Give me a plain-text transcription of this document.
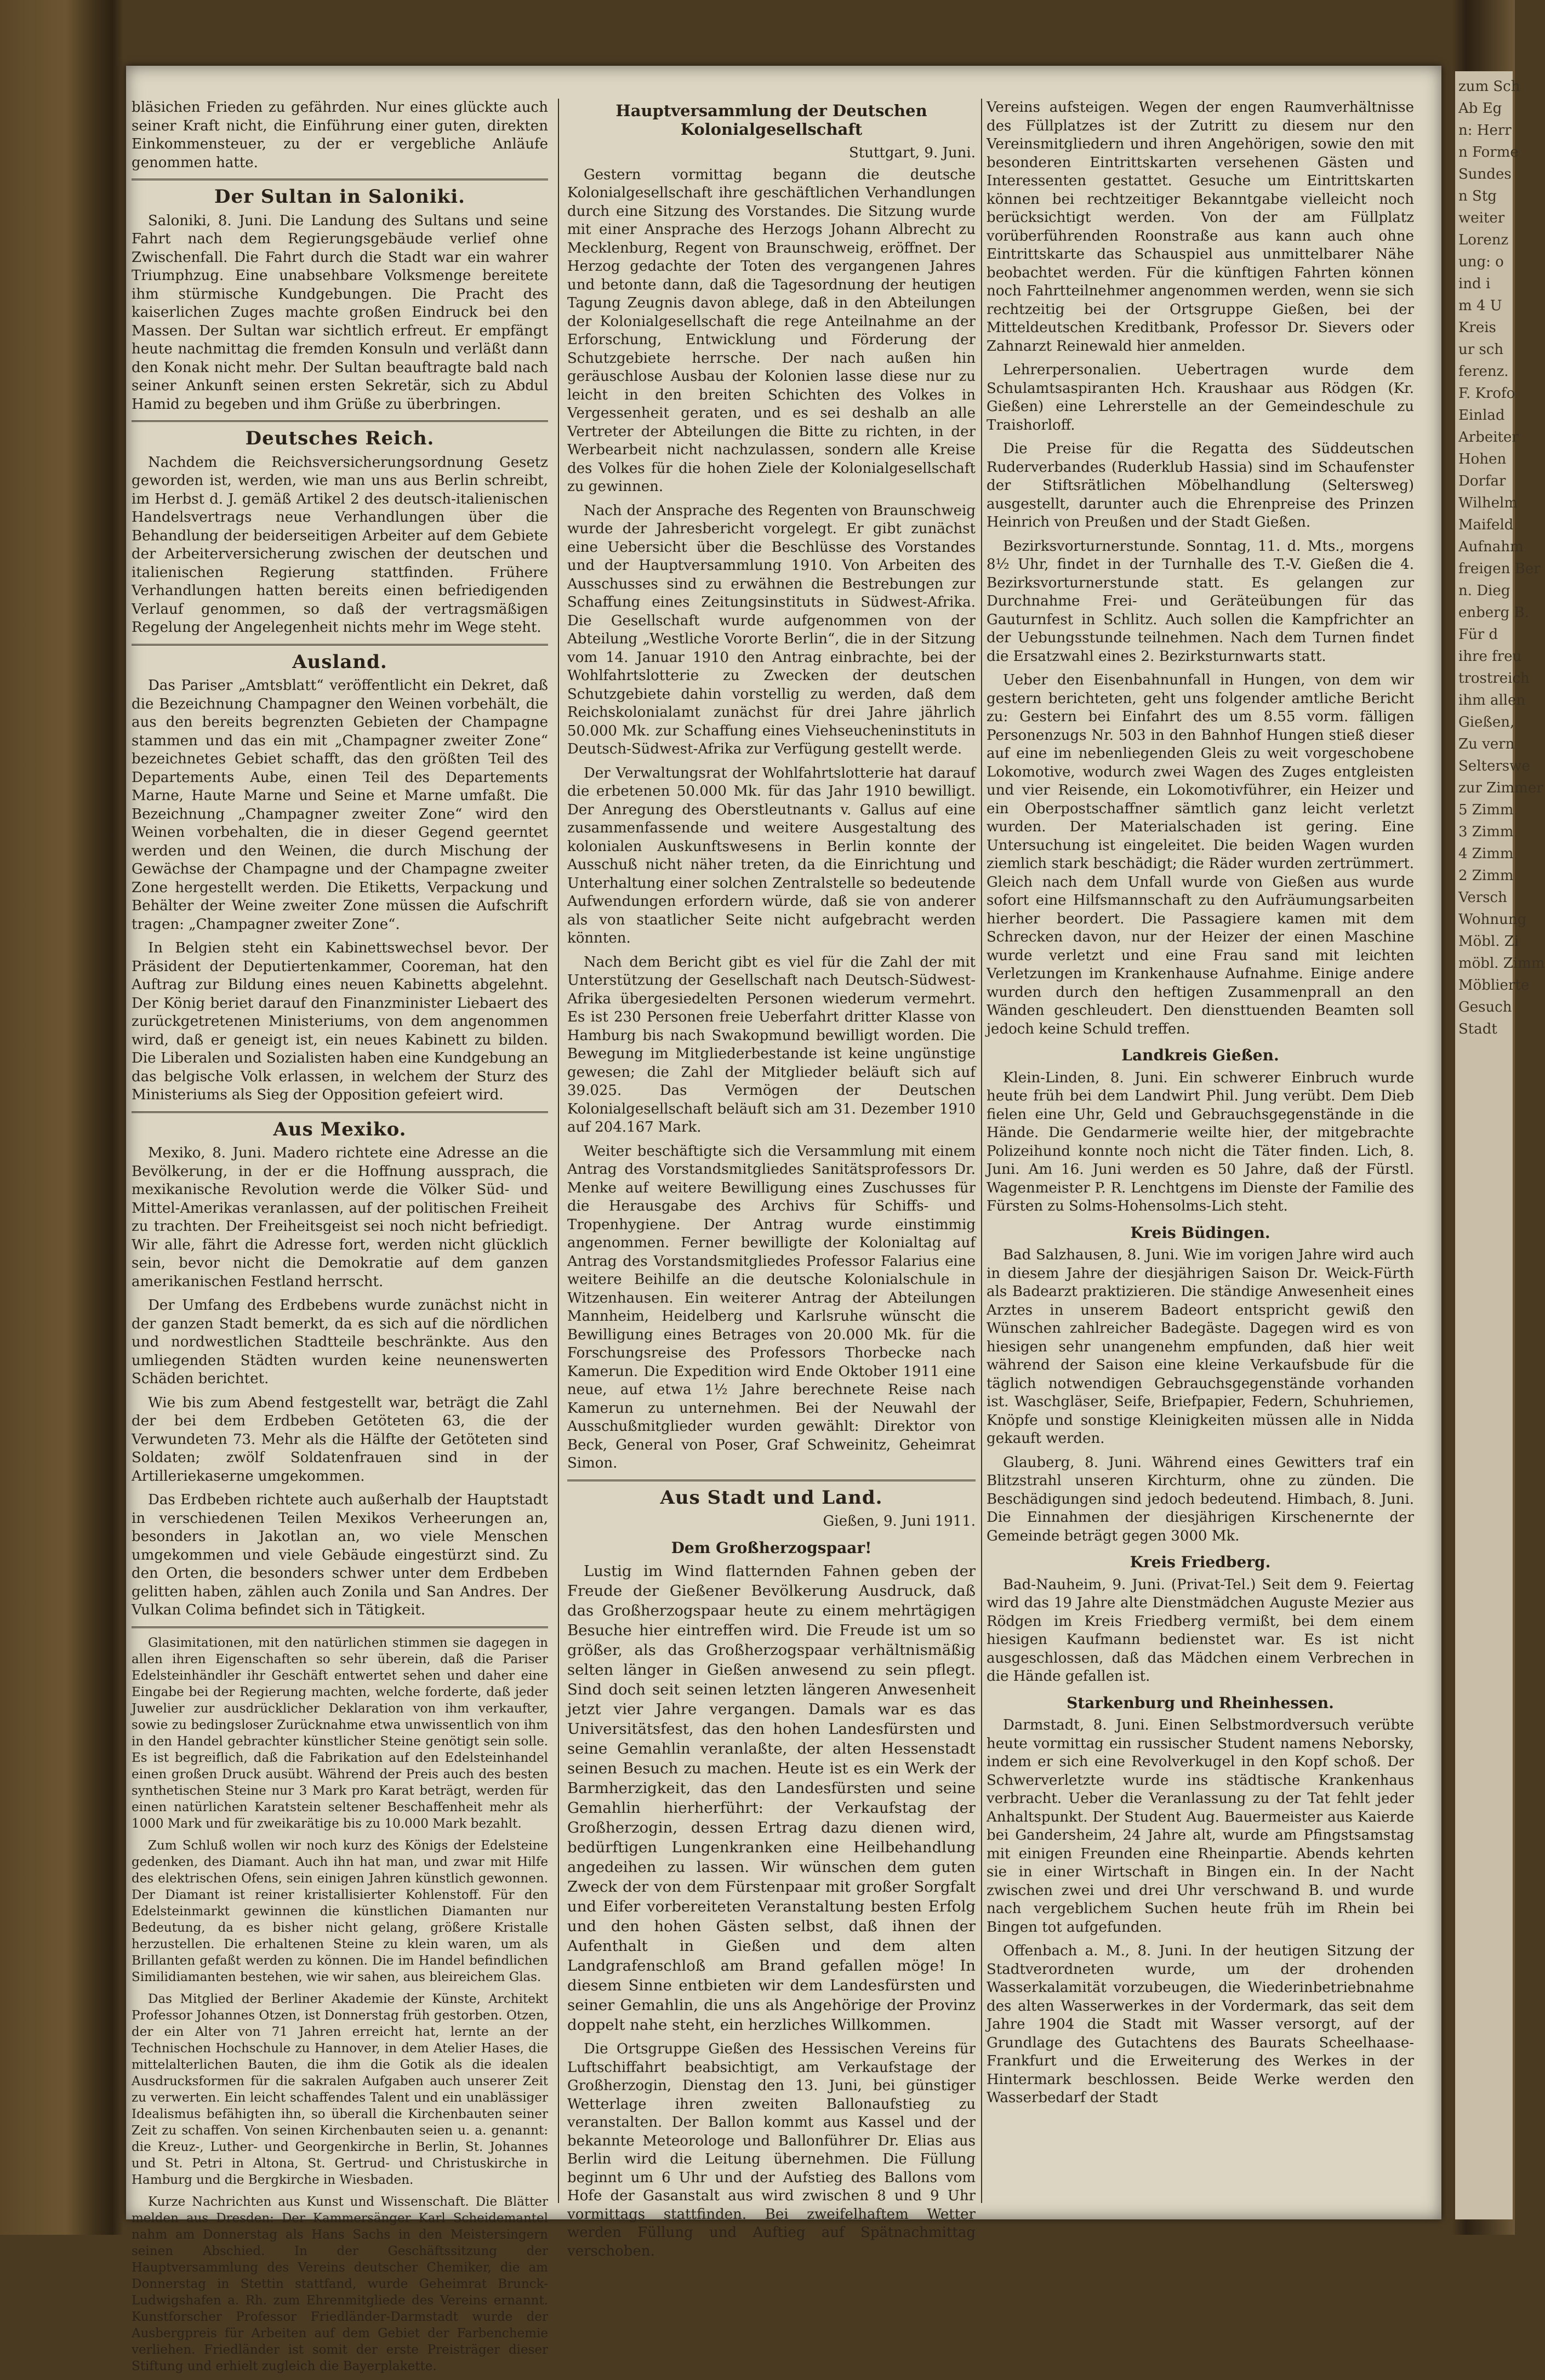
zum Sch
Ab Eg
n: Herr
n Forme
Sundes
n Stg
weiter
Lorenz
ung: o
ind i
m 4 U
Kreis
ur sch
ferenz.
F. Krofo
Einlad
Arbeiter
Hohen
Dorfar
Wilhelm
Maifeld
Aufnahm
freigen Ber
n. Dieg
enberg B.
Für d
ihre freu
trostreich
ihm allen
Gießen,
Zu vern
Selterswe
zur Zimmer
5 Zimm
3 Zimm
4 Zimm
2 Zimm
Versch
Wohnung
Möbl. Zi
möbl. Zimm
Möblierte
Gesuch
Stadt

bläsichen Frieden zu gefährden. Nur eines glückte auch seiner Kraft nicht, die Einführung einer guten, direkten Einkommensteuer, zu der er vergebliche Anläufe genommen hatte.

Der Sultan in Saloniki.

Saloniki, 8. Juni. Die Landung des Sultans und seine Fahrt nach dem Regierungsgebäude verlief ohne Zwischenfall. Die Fahrt durch die Stadt war ein wahrer Triumphzug. Eine unabsehbare Volksmenge bereitete ihm stürmische Kundgebungen. Die Pracht des kaiserlichen Zuges machte großen Eindruck bei den Massen. Der Sultan war sichtlich erfreut. Er empfängt heute nachmittag die fremden Konsuln und verläßt dann den Konak nicht mehr. Der Sultan beauftragte bald nach seiner Ankunft seinen ersten Sekretär, sich zu Abdul Hamid zu begeben und ihm Grüße zu überbringen.

Deutsches Reich.

Nachdem die Reichsversicherungsordnung Gesetz geworden ist, werden, wie man uns aus Berlin schreibt, im Herbst d. J. gemäß Artikel 2 des deutsch-italienischen Handelsvertrags neue Verhandlungen über die Behandlung der beiderseitigen Arbeiter auf dem Gebiete der Arbeiterversicherung zwischen der deutschen und italienischen Regierung stattfinden. Frühere Verhandlungen hatten bereits einen befriedigenden Verlauf genommen, so daß der vertragsmäßigen Regelung der Angelegenheit nichts mehr im Wege steht.

Ausland.

Das Pariser „Amtsblatt“ veröffentlicht ein Dekret, daß die Bezeichnung Champagner den Weinen vorbehält, die aus den bereits begrenzten Gebieten der Champagne stammen und das ein mit „Champagner zweiter Zone“ bezeichnetes Gebiet schafft, das den größten Teil des Departements Aube, einen Teil des Departements Marne, Haute Marne und Seine et Marne umfaßt. Die Bezeichnung „Champagner zweiter Zone“ wird den Weinen vorbehalten, die in dieser Gegend geerntet werden und den Weinen, die durch Mischung der Gewächse der Champagne und der Champagne zweiter Zone hergestellt werden. Die Etiketts, Verpackung und Behälter der Weine zweiter Zone müssen die Aufschrift tragen: „Champagner zweiter Zone“.

In Belgien steht ein Kabinettswechsel bevor. Der Präsident der Deputiertenkammer, Cooreman, hat den Auftrag zur Bildung eines neuen Kabinetts abgelehnt. Der König beriet darauf den Finanzminister Liebaert des zurückgetretenen Ministeriums, von dem angenommen wird, daß er geneigt ist, ein neues Kabinett zu bilden. Die Liberalen und Sozialisten haben eine Kundgebung an das belgische Volk erlassen, in welchem der Sturz des Ministeriums als Sieg der Opposition gefeiert wird.

Aus Mexiko.

Mexiko, 8. Juni. Madero richtete eine Adresse an die Bevölkerung, in der er die Hoffnung aussprach, die mexikanische Revolution werde die Völker Süd- und Mittel-Amerikas veranlassen, auf der politischen Freiheit zu trachten. Der Freiheitsgeist sei noch nicht befriedigt. Wir alle, fährt die Adresse fort, werden nicht glücklich sein, bevor nicht die Demokratie auf dem ganzen amerikanischen Festland herrscht.

Der Umfang des Erdbebens wurde zunächst nicht in der ganzen Stadt bemerkt, da es sich auf die nördlichen und nordwestlichen Stadtteile beschränkte. Aus den umliegenden Städten wurden keine neunenswerten Schäden berichtet.

Wie bis zum Abend festgestellt war, beträgt die Zahl der bei dem Erdbeben Getöteten 63, die der Verwundeten 73. Mehr als die Hälfte der Getöteten sind Soldaten; zwölf Soldatenfrauen sind in der Artilleriekaserne umgekommen.

Das Erdbeben richtete auch außerhalb der Hauptstadt in verschiedenen Teilen Mexikos Verheerungen an, besonders in Jakotlan an, wo viele Menschen umgekommen und viele Gebäude eingestürzt sind. Zu den Orten, die besonders schwer unter dem Erdbeben gelitten haben, zählen auch Zonila und San Andres. Der Vulkan Colima befindet sich in Tätigkeit.

Glasimitationen, mit den natürlichen stimmen sie dagegen in allen ihren Eigenschaften so sehr überein, daß die Pariser Edelsteinhändler ihr Geschäft entwertet sehen und daher eine Eingabe bei der Regierung machten, welche forderte, daß jeder Juwelier zur ausdrücklicher Deklaration von ihm verkaufter, sowie zu bedingsloser Zurücknahme etwa unwissentlich von ihm in den Handel gebrachter künstlicher Steine genötigt sein solle. Es ist begreiflich, daß die Fabrikation auf den Edelsteinhandel einen großen Druck ausübt. Während der Preis auch des besten synthetischen Steine nur 3 Mark pro Karat beträgt, werden für einen natürlichen Karatstein seltener Beschaffenheit mehr als 1000 Mark und für zweikarätige bis zu 10.000 Mark bezahlt.

Zum Schluß wollen wir noch kurz des Königs der Edelsteine gedenken, des Diamant. Auch ihn hat man, und zwar mit Hilfe des elektrischen Ofens, sein einigen Jahren künstlich gewonnen. Der Diamant ist reiner kristallisierter Kohlenstoff. Für den Edelsteinmarkt gewinnen die künstlichen Diamanten nur Bedeutung, da es bisher nicht gelang, größere Kristalle herzustellen. Die erhaltenen Steine zu klein waren, um als Brillanten gefaßt werden zu können. Die im Handel befindlichen Similidiamanten bestehen, wie wir sahen, aus bleireichem Glas.

Das Mitglied der Berliner Akademie der Künste, Architekt Professor Johannes Otzen, ist Donnerstag früh gestorben. Otzen, der ein Alter von 71 Jahren erreicht hat, lernte an der Technischen Hochschule zu Hannover, in dem Atelier Hases, die mittelalterlichen Bauten, die ihm die Gotik als die idealen Ausdrucksformen für die sakralen Aufgaben auch unserer Zeit zu verwerten. Ein leicht schaffendes Talent und ein unablässiger Idealismus befähigten ihn, so überall die Kirchenbauten seiner Zeit zu schaffen. Von seinen Kirchenbauten seien u. a. genannt: die Kreuz-, Luther- und Georgenkirche in Berlin, St. Johannes und St. Petri in Altona, St. Gertrud- und Christuskirche in Hamburg und die Bergkirche in Wiesbaden.

Kurze Nachrichten aus Kunst und Wissenschaft. Die Blätter melden aus Dresden: Der Kammersänger Karl Scheidemantel nahm am Donnerstag als Hans Sachs in den Meistersingern seinen Abschied. In der Geschäftssitzung der Hauptversammlung des Vereins deutscher Chemiker, die am Donnerstag in Stettin stattfand, wurde Geheimrat Brunck-Ludwigshafen a. Rh. zum Ehrenmitgliede des Vereins ernannt. Kunstforscher Professor Friedländer-Darmstadt wurde der Ausbergpreis für Arbeiten auf dem Gebiet der Farbenchemie verliehen. Friedländer ist somit der erste Preisträger dieser Stiftung und erhielt zugleich die Bayerplakette.

Hauptversammlung der Deutschen Kolonialgesellschaft
Stuttgart, 9. Juni.

Gestern vormittag begann die deutsche Kolonialgesellschaft ihre geschäftlichen Verhandlungen durch eine Sitzung des Vorstandes. Die Sitzung wurde mit einer Ansprache des Herzogs Johann Albrecht zu Mecklenburg, Regent von Braunschweig, eröffnet. Der Herzog gedachte der Toten des vergangenen Jahres und betonte dann, daß die Tagesordnung der heutigen Tagung Zeugnis davon ablege, daß in den Abteilungen der Kolonialgesellschaft die rege Anteilnahme an der Erforschung, Entwicklung und Förderung der Schutzgebiete herrsche. Der nach außen hin geräuschlose Ausbau der Kolonien lasse diese nur zu leicht in den breiten Schichten des Volkes in Vergessenheit geraten, und es sei deshalb an alle Vertreter der Abteilungen die Bitte zu richten, in der Werbearbeit nicht nachzulassen, sondern alle Kreise des Volkes für die hohen Ziele der Kolonialgesellschaft zu gewinnen.

Nach der Ansprache des Regenten von Braunschweig wurde der Jahresbericht vorgelegt. Er gibt zunächst eine Uebersicht über die Beschlüsse des Vorstandes und der Hauptversammlung 1910. Von Arbeiten des Ausschusses sind zu erwähnen die Bestrebungen zur Schaffung eines Zeitungsinstituts in Südwest-Afrika. Die Gesellschaft wurde aufgenommen von der Abteilung „Westliche Vororte Berlin“, die in der Sitzung vom 14. Januar 1910 den Antrag einbrachte, bei der Wohlfahrtslotterie zu Zwecken der deutschen Schutzgebiete dahin vorstellig zu werden, daß dem Reichskolonialamt zunächst für drei Jahre jährlich 50.000 Mk. zur Schaffung eines Viehseucheninstituts in Deutsch-Südwest-Afrika zur Verfügung gestellt werde.

Der Verwaltungsrat der Wohlfahrtslotterie hat darauf die erbetenen 50.000 Mk. für das Jahr 1910 bewilligt. Der Anregung des Oberstleutnants v. Gallus auf eine zusammenfassende und weitere Ausgestaltung des kolonialen Auskunftswesens in Berlin konnte der Ausschuß nicht näher treten, da die Einrichtung und Unterhaltung einer solchen Zentralstelle so bedeutende Aufwendungen erfordern würde, daß sie von anderer als von staatlicher Seite nicht aufgebracht werden könnten.

Nach dem Bericht gibt es viel für die Zahl der mit Unterstützung der Gesellschaft nach Deutsch-Südwest-Afrika übergesiedelten Personen wiederum vermehrt. Es ist 230 Personen freie Ueberfahrt dritter Klasse von Hamburg bis nach Swakopmund bewilligt worden. Die Bewegung im Mitgliederbestande ist keine ungünstige gewesen; die Zahl der Mitglieder beläuft sich auf 39.025. Das Vermögen der Deutschen Kolonialgesellschaft beläuft sich am 31. Dezember 1910 auf 204.167 Mark.

Weiter beschäftigte sich die Versammlung mit einem Antrag des Vorstandsmitgliedes Sanitätsprofessors Dr. Menke auf weitere Bewilligung eines Zuschusses für die Herausgabe des Archivs für Schiffs- und Tropenhygiene. Der Antrag wurde einstimmig angenommen. Ferner bewilligte der Kolonialtag auf Antrag des Vorstandsmitgliedes Professor Falarius eine weitere Beihilfe an die deutsche Kolonialschule in Witzenhausen. Ein weiterer Antrag der Abteilungen Mannheim, Heidelberg und Karlsruhe wünscht die Bewilligung eines Betrages von 20.000 Mk. für die Forschungsreise des Professors Thorbecke nach Kamerun. Die Expedition wird Ende Oktober 1911 eine neue, auf etwa 1½ Jahre berechnete Reise nach Kamerun zu unternehmen. Bei der Neuwahl der Ausschußmitglieder wurden gewählt: Direktor von Beck, General von Poser, Graf Schweinitz, Geheimrat Simon.

Aus Stadt und Land.
Gießen, 9. Juni 1911.
Dem Großherzogspaar!

Lustig im Wind flatternden Fahnen geben der Freude der Gießener Bevölkerung Ausdruck, daß das Großherzogspaar heute zu einem mehrtägigen Besuche hier eintreffen wird. Die Freude ist um so größer, als das Großherzogspaar verhältnismäßig selten länger in Gießen anwesend zu sein pflegt. Sind doch seit seinen letzten längeren Anwesenheit jetzt vier Jahre vergangen. Damals war es das Universitätsfest, das den hohen Landesfürsten und seine Gemahlin veranlaßte, der alten Hessenstadt seinen Besuch zu machen. Heute ist es ein Werk der Barmherzigkeit, das den Landesfürsten und seine Gemahlin hierherführt: der Verkaufstag der Großherzogin, dessen Ertrag dazu dienen wird, bedürftigen Lungenkranken eine Heilbehandlung angedeihen zu lassen. Wir wünschen dem guten Zweck der von dem Fürstenpaar mit großer Sorgfalt und Eifer vorbereiteten Veranstaltung besten Erfolg und den hohen Gästen selbst, daß ihnen der Aufenthalt in Gießen und dem alten Landgrafenschloß am Brand gefallen möge! In diesem Sinne entbieten wir dem Landesfürsten und seiner Gemahlin, die uns als Angehörige der Provinz doppelt nahe steht, ein herzliches Willkommen.

Die Ortsgruppe Gießen des Hessischen Vereins für Luftschiffahrt beabsichtigt, am Verkaufstage der Großherzogin, Dienstag den 13. Juni, bei günstiger Wetterlage ihren zweiten Ballonaufstieg zu veranstalten. Der Ballon kommt aus Kassel und der bekannte Meteorologe und Ballonführer Dr. Elias aus Berlin wird die Leitung übernehmen. Die Füllung beginnt um 6 Uhr und der Aufstieg des Ballons vom Hofe der Gasanstalt aus wird zwischen 8 und 9 Uhr vormittags stattfinden. Bei zweifelhaftem Wetter werden Füllung und Auftieg auf Spätnachmittag verschoben.

Vereins aufsteigen. Wegen der engen Raumverhältnisse des Füllplatzes ist der Zutritt zu diesem nur den Vereinsmitgliedern und ihren Angehörigen, sowie den mit besonderen Eintrittskarten versehenen Gästen und Interessenten gestattet. Gesuche um Eintrittskarten können bei rechtzeitiger Bekanntgabe vielleicht noch berücksichtigt werden. Von der am Füllplatz vorüberführenden Roonstraße aus kann auch ohne Eintrittskarte das Schauspiel aus unmittelbarer Nähe beobachtet werden. Für die künftigen Fahrten können noch Fahrtteilnehmer angenommen werden, wenn sie sich rechtzeitig bei der Ortsgruppe Gießen, bei der Mitteldeutschen Kreditbank, Professor Dr. Sievers oder Zahnarzt Reinewald hier anmelden.

Lehrerpersonalien. Uebertragen wurde dem Schulamtsaspiranten Hch. Kraushaar aus Rödgen (Kr. Gießen) eine Lehrerstelle an der Gemeindeschule zu Traishorloff.

Die Preise für die Regatta des Süddeutschen Ruderverbandes (Ruderklub Hassia) sind im Schaufenster der Stiftsrätlichen Möbelhandlung (Seltersweg) ausgestellt, darunter auch die Ehrenpreise des Prinzen Heinrich von Preußen und der Stadt Gießen.

Bezirksvorturnerstunde. Sonntag, 11. d. Mts., morgens 8½ Uhr, findet in der Turnhalle des T.-V. Gießen die 4. Bezirksvorturnerstunde statt. Es gelangen zur Durchnahme Frei- und Geräteübungen für das Gauturnfest in Schlitz. Auch sollen die Kampfrichter an der Uebungsstunde teilnehmen. Nach dem Turnen findet die Ersatzwahl eines 2. Bezirksturnwarts statt.

Ueber den Eisenbahnunfall in Hungen, von dem wir gestern berichteten, geht uns folgender amtliche Bericht zu: Gestern bei Einfahrt des um 8.55 vorm. fälligen Personenzugs Nr. 503 in den Bahnhof Hungen stieß dieser auf eine im nebenliegenden Gleis zu weit vorgeschobene Lokomotive, wodurch zwei Wagen des Zuges entgleisten und vier Reisende, ein Lokomotivführer, ein Heizer und ein Oberpostschaffner sämtlich ganz leicht verletzt wurden. Der Materialschaden ist gering. Eine Untersuchung ist eingeleitet. Die beiden Wagen wurden ziemlich stark beschädigt; die Räder wurden zertrümmert. Gleich nach dem Unfall wurde von Gießen aus wurde sofort eine Hilfsmannschaft zu den Aufräumungsarbeiten hierher beordert. Die Passagiere kamen mit dem Schrecken davon, nur der Heizer der einen Maschine wurde verletzt und eine Frau sand mit leichten Verletzungen im Krankenhause Aufnahme. Einige andere wurden durch den heftigen Zusammenprall an den Wänden geschleudert. Den diensttuenden Beamten soll jedoch keine Schuld treffen.

Landkreis Gießen.

Klein-Linden, 8. Juni. Ein schwerer Einbruch wurde heute früh bei dem Landwirt Phil. Jung verübt. Dem Dieb fielen eine Uhr, Geld und Gebrauchsgegenstände in die Hände. Die Gendarmerie weilte hier, der mitgebrachte Polizeihund konnte noch nicht die Täter finden. Lich, 8. Juni. Am 16. Juni werden es 50 Jahre, daß der Fürstl. Wagenmeister P. R. Lenchtgens im Dienste der Familie des Fürsten zu Solms-Hohensolms-Lich steht.

Kreis Büdingen.

Bad Salzhausen, 8. Juni. Wie im vorigen Jahre wird auch in diesem Jahre der diesjährigen Saison Dr. Weick-Fürth als Badearzt praktizieren. Die ständige Anwesenheit eines Arztes in unserem Badeort entspricht gewiß den Wünschen zahlreicher Badegäste. Dagegen wird es von hiesigen sehr unangenehm empfunden, daß hier weit während der Saison eine kleine Verkaufsbude für die täglich notwendigen Gebrauchsgegenstände vorhanden ist. Waschgläser, Seife, Briefpapier, Federn, Schuhriemen, Knöpfe und sonstige Kleinigkeiten müssen alle in Nidda gekauft werden.

Glauberg, 8. Juni. Während eines Gewitters traf ein Blitzstrahl unseren Kirchturm, ohne zu zünden. Die Beschädigungen sind jedoch bedeutend. Himbach, 8. Juni. Die Einnahmen der diesjährigen Kirschenernte der Gemeinde beträgt gegen 3000 Mk.

Kreis Friedberg.

Bad-Nauheim, 9. Juni. (Privat-Tel.) Seit dem 9. Feiertag wird das 19 Jahre alte Dienstmädchen Auguste Mezier aus Rödgen im Kreis Friedberg vermißt, bei dem einem hiesigen Kaufmann bedienstet war. Es ist nicht ausgeschlossen, daß das Mädchen einem Verbrechen in die Hände gefallen ist.

Starkenburg und Rheinhessen.

Darmstadt, 8. Juni. Einen Selbstmordversuch verübte heute vormittag ein russischer Student namens Neborsky, indem er sich eine Revolverkugel in den Kopf schoß. Der Schwerverletzte wurde ins städtische Krankenhaus verbracht. Ueber die Veranlassung zu der Tat fehlt jeder Anhaltspunkt. Der Student Aug. Bauermeister aus Kaierde bei Gandersheim, 24 Jahre alt, wurde am Pfingstsamstag mit einigen Freunden eine Rheinpartie. Abends kehrten sie in einer Wirtschaft in Bingen ein. In der Nacht zwischen zwei und drei Uhr verschwand B. und wurde nach vergeblichem Suchen heute früh im Rhein bei Bingen tot aufgefunden.

Offenbach a. M., 8. Juni. In der heutigen Sitzung der Stadtverordneten wurde, um der drohenden Wasserkalamität vorzubeugen, die Wiederinbetriebnahme des alten Wasserwerkes in der Vordermark, das seit dem Jahre 1904 die Stadt mit Wasser versorgt, auf der Grundlage des Gutachtens des Baurats Scheelhaase-Frankfurt und die Erweiterung des Werkes in der Hintermark beschlossen. Beide Werke werden den Wasserbedarf der Stadt
